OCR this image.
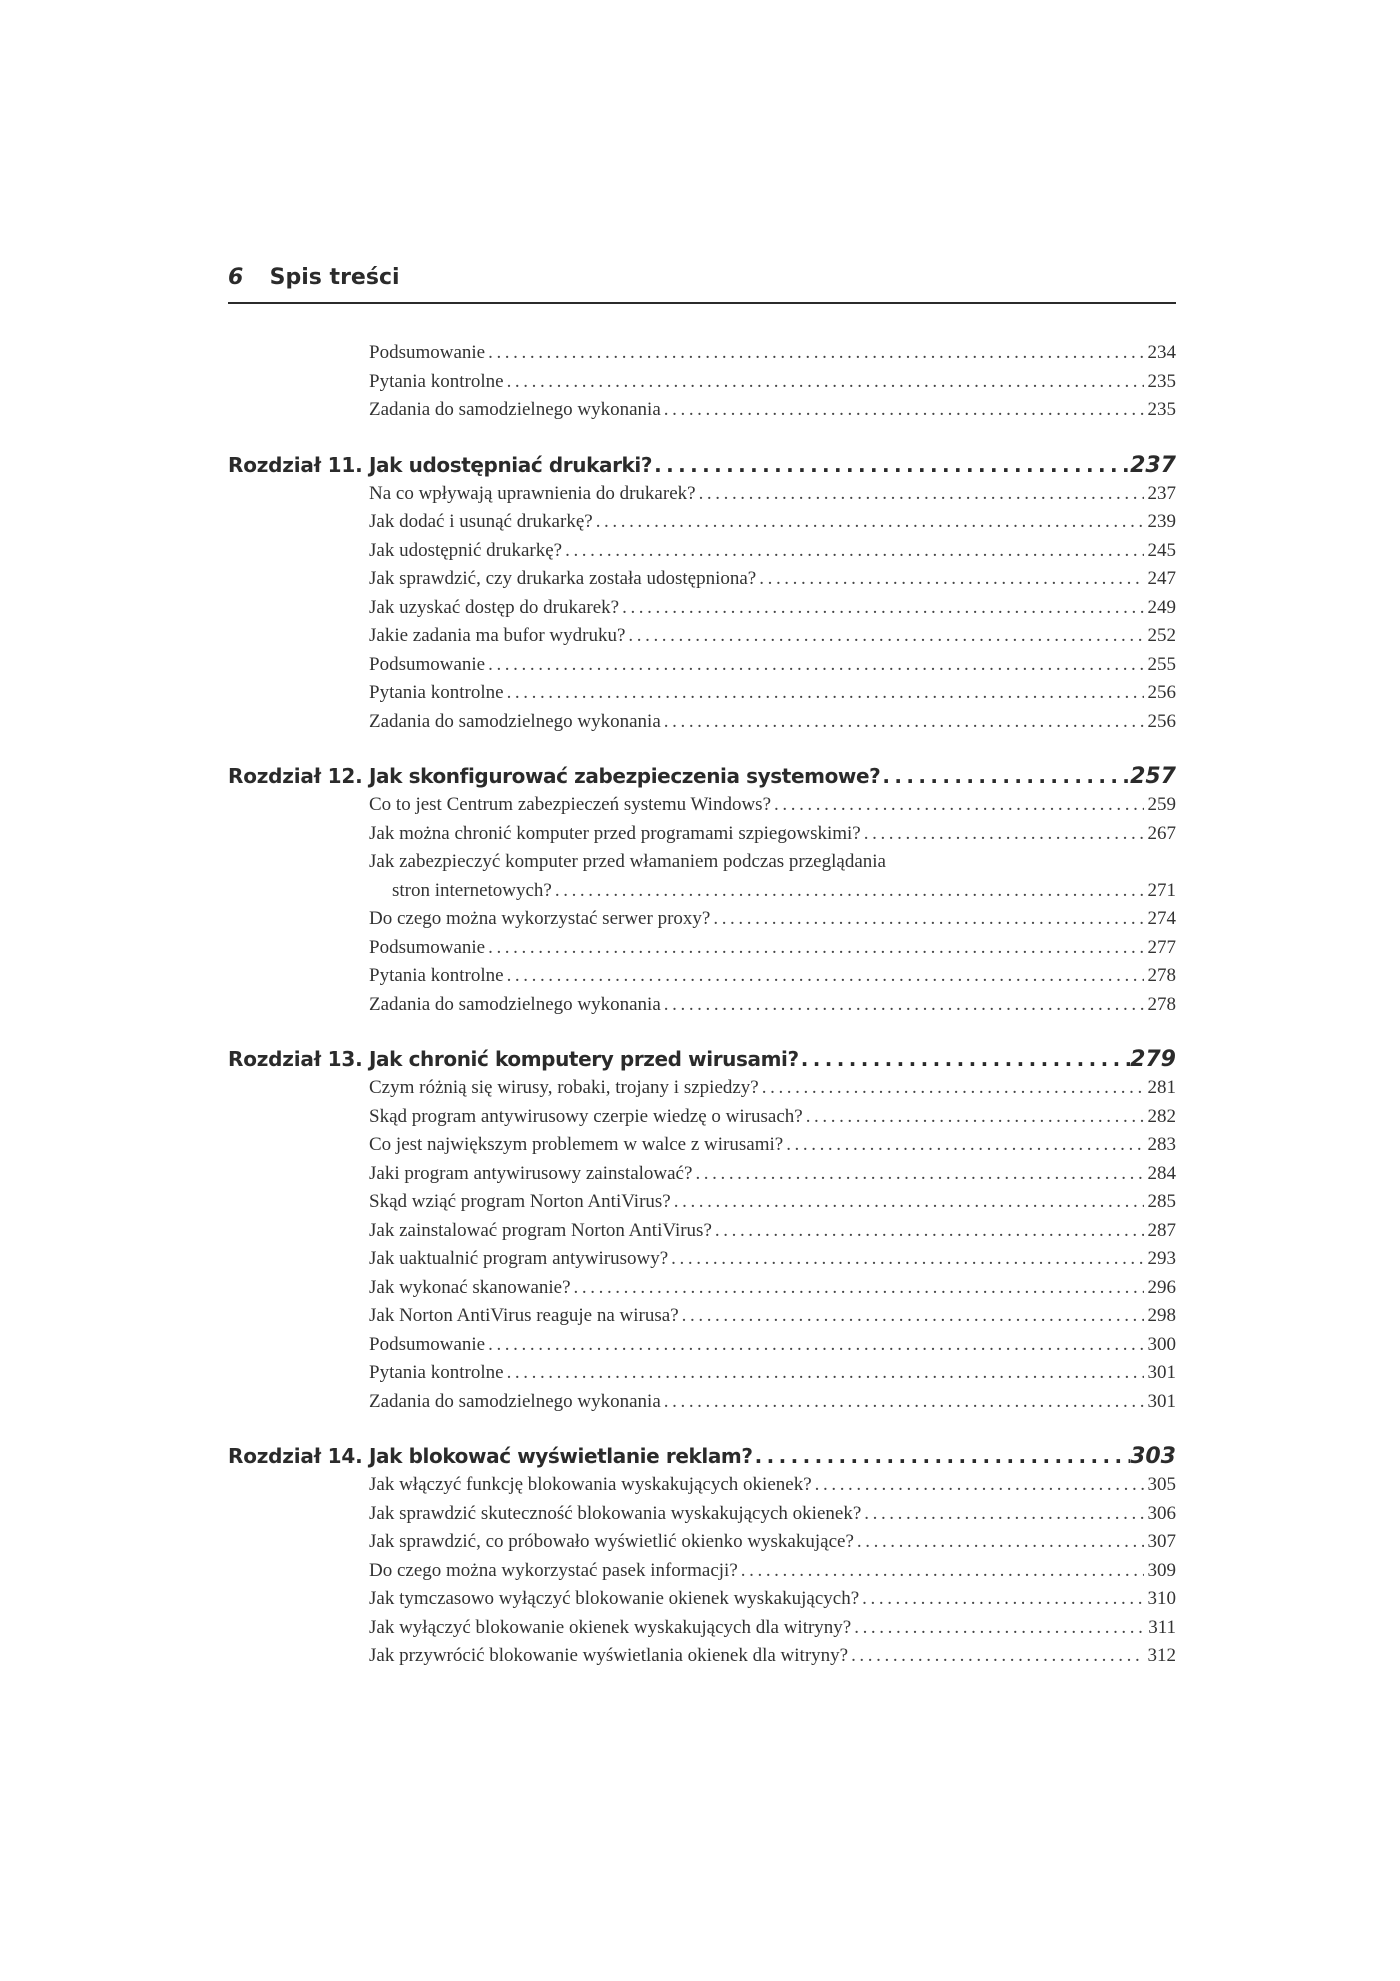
6 Spis treści
Podsumowanie .....	234
Pytania kontrolne .....	235
Zadania do samodzielnego wykonania .....	235
Rozdział 11. Jak udostępniać drukarki? .....	237
Na co wpływają uprawnienia do drukarek? .....	237
Jak dodać i usunąć drukarkę? .....	239
Jak udostępnić drukarkę? .....	245
Jak sprawdzić, czy drukarka została udostępniona? .....	247
Jak uzyskać dostęp do drukarek? .....	249
Jakie zadania ma bufor wydruku? .....	252
Podsumowanie .....	255
Pytania kontrolne .....	256
Zadania do samodzielnego wykonania .....	256
Rozdział 12. Jak skonfigurować zabezpieczenia systemowe? .....	257
Co to jest Centrum zabezpieczeń systemu Windows? .....	259
Jak można chronić komputer przed programami szpiegowskimi? .....	267
Jak zabezpieczyć komputer przed włamaniem podczas przeglądania
stron internetowych? .....	271
Do czego można wykorzystać serwer proxy? .....	274
Podsumowanie .....	277
Pytania kontrolne .....	278
Zadania do samodzielnego wykonania .....	278
Rozdział 13. Jak chronić komputery przed wirusami? .....	279
Czym różnią się wirusy, robaki, trojany i szpiedzy? .....	281
Skąd program antywirusowy czerpie wiedzę o wirusach? .....	282
Co jest największym problemem w walce z wirusami? .....	283
Jaki program antywirusowy zainstalować? .....	284
Skąd wziąć program Norton AntiVirus? .....	285
Jak zainstalować program Norton AntiVirus? .....	287
Jak uaktualnić program antywirusowy? .....	293
Jak wykonać skanowanie? .....	296
Jak Norton AntiVirus reaguje na wirusa? .....	298
Podsumowanie .....	300
Pytania kontrolne .....	301
Zadania do samodzielnego wykonania .....	301
Rozdział 14. Jak blokować wyświetlanie reklam? .....	303
Jak włączyć funkcję blokowania wyskakujących okienek? .....	305
Jak sprawdzić skuteczność blokowania wyskakujących okienek? .....	306
Jak sprawdzić, co próbowało wyświetlić okienko wyskakujące? .....	307
Do czego można wykorzystać pasek informacji? .....	309
Jak tymczasowo wyłączyć blokowanie okienek wyskakujących? .....	310
Jak wyłączyć blokowanie okienek wyskakujących dla witryny? .....	311
Jak przywrócić blokowanie wyświetlania okienek dla witryny? .....	312
